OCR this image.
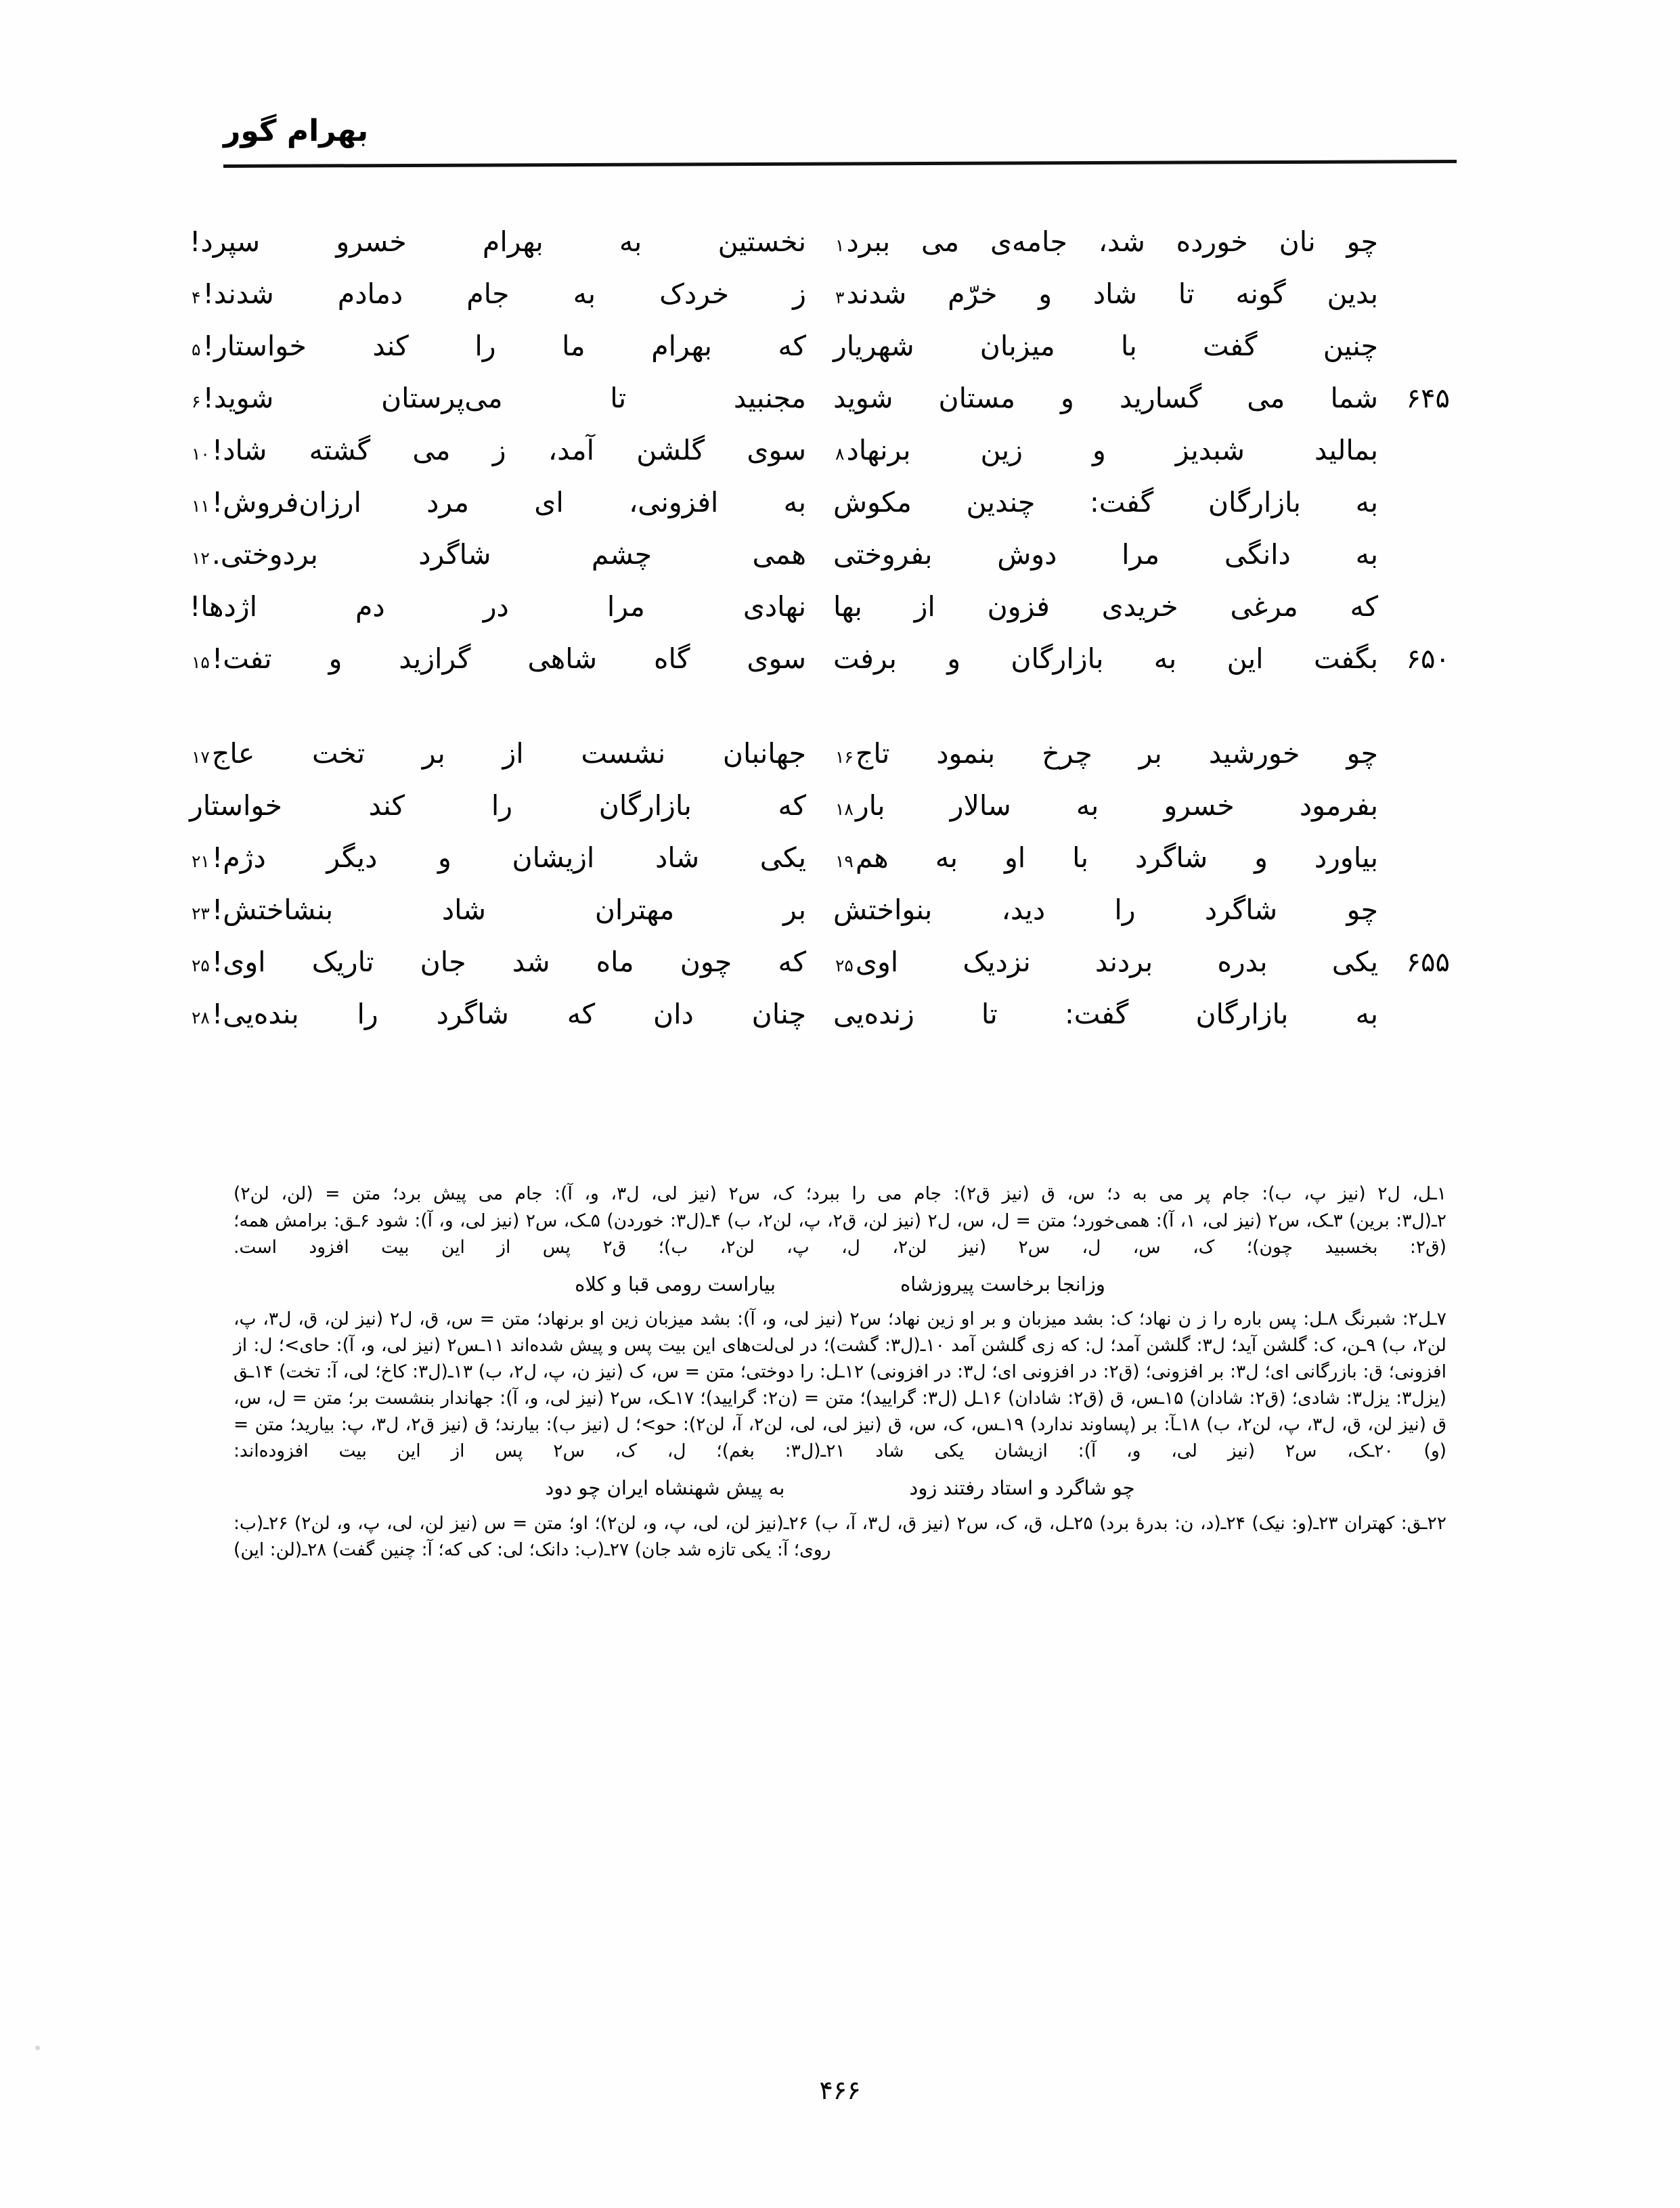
بهرام گور
چو نان خورده شد، جامه‌ی می ببرد
۱
نخستین به بهرام خسرو سپرد!
بدین گونه تا شاد و خرّم شدند
۳
ز خردک به جام دمادم شدند!
۴
چنین گفت با میزبان شهریار
که بهرام ما را کند خواستار!
۵
۶۴۵
شما می گسارید و مستان شوید
مجنبید تا می‌پرستان شوید!
۶
بمالید شبدیز و زین برنهاد
۸
سوی گلشن آمد، ز می گشته شاد!
۱۰
به بازارگان گفت: چندین مکوش
به افزونی، ای مرد ارزان‌فروش!
۱۱
به دانگی مرا دوش بفروختی
همی چشم شاگرد بردوختی.
۱۲
که مرغی خریدی فزون از بها
نهادی مرا در دم اژدها!
۶۵۰
بگفت این به بازارگان و برفت
سوی گاه شاهی گرازید و تفت!
۱۵
چو خورشید بر چرخ بنمود تاج
۱۶
جهانبان نشست از بر تخت عاج
۱۷
بفرمود خسرو به سالار بار
۱۸
که بازارگان را کند خواستار
بیاورد و شاگرد با او به هم
۱۹
یکی شاد ازیشان و دیگر دژم!
۲۱
چو شاگرد را دید، بنواختش
بر مهتران شاد بنشاختش!
۲۳
۶۵۵
یکی بدره بردند نزدیک اوی
۲۵
که چون ماه شد جان تاریک اوی!
۲۵
به بازارگان گفت: تا زنده‌یی
چنان دان که شاگرد را بنده‌یی!
۲۸

۱ـل، ل۲ (نیز پ، ب): جام پر می به د؛ س، ق (نیز ق۲): جام می را ببرد؛ ک، س۲ (نیز لی، ل۳، و، آ): جام می پیش برد؛ متن = (لن، لن۲)

۲ـ(ل۳: برین) ۳ـک، س۲ (نیز لی، ۱، آ): همی‌خورد؛ متن = ل، س، ل۲ (نیز لن، ق۲، پ، لن۲، ب) ۴ـ(ل۳: خوردن) ۵ـک، س۲ (نیز لی، و، آ): شود ۶ـق: برامش همه؛ (ق۲: بخسبید چون)؛ ک، س، ل، س۲ (نیز لن۲، ل، پ، لن۲، ب)؛ ق۲ پس از این بیت افزود است.

وزانجا برخاست پیروزشاه
بیاراست رومی قبا و کلاه

۷ـل۲: شبرنگ ۸ـل: پس باره را ز ن نهاد؛ ک: بشد میزبان و بر او زین نهاد؛ س۲ (نیز لی، و، آ): بشد میزبان زین او برنهاد؛ متن = س، ق، ل۲ (نیز لن، ق، ل۳، پ، لن۲، ب) ۹ـن، ک: گلشن آید؛ ل۳: گلشن آمد؛ ل: که زی گلشن آمد ۱۰ـ(ل۳: گشت)؛ در لی‌لت‌های این بیت پس و پیش شده‌اند ۱۱ـس۲ (نیز لی، و، آ): حای>؛ ل: از افزونی؛ ق: بازرگانی ای؛ ل۳: بر افزونی؛ (ق۲: در افزونی ای؛ ل۳: در افزونی) ۱۲ـل: را دوختی؛ متن = س، ک (نیز ن، پ، ل۲، ب) ۱۳ـ(ل۳: کاخ؛ لی، آ: تخت) ۱۴ـق (یزل۳: یزل۳: شادی؛ (ق۲: شادان) ۱۵ـس، ق (ق۲: شادان) ۱۶ـل (ل۳: گرایید)؛ متن = (ن۲: گرایید)؛ ۱۷ـک، س۲ (نیز لی، و، آ): جهاندار بنشست بر؛ متن = ل، س، ق (نیز لن، ق، ل۳، پ، لن۲، ب) ۱۸ـآ: بر (پساوند ندارد) ۱۹ـس، ک، س، ق (نیز لی، لی، لن۲، آ، لن۲): حو>؛ ل (نیز ب): بیارند؛ ق (نیز ق۲، ل۳، پ: بیارید؛ متن = (و) ۲۰ـک، س۲ (نیز لی، و، آ): ازیشان یکی شاد ۲۱ـ(ل۳: بغم)؛ ل، ک، س۲ پس از این بیت افزوده‌اند:

چو شاگرد و استاد رفتند زود
به پیش شهنشاه ایران چو دود

۲۲ـق: کهتران ۲۳ـ(و: نیک) ۲۴ـ(د، ن: بدرهٔ برد) ۲۵ـل، ق، ک، س۲ (نیز ق، ل۳، آ، ب) ۲۶ـ(نیز لن، لی، پ، و، لن۲)؛ او؛ متن = س (نیز لن، لی، پ، و، لن۲) ۲۶ـ(ب: روی؛ آ: یکی تازه شد جان) ۲۷ـ(ب: دانک؛ لی: کی که؛ آ: چنین گفت) ۲۸ـ(لن: این)

۴۶۶
